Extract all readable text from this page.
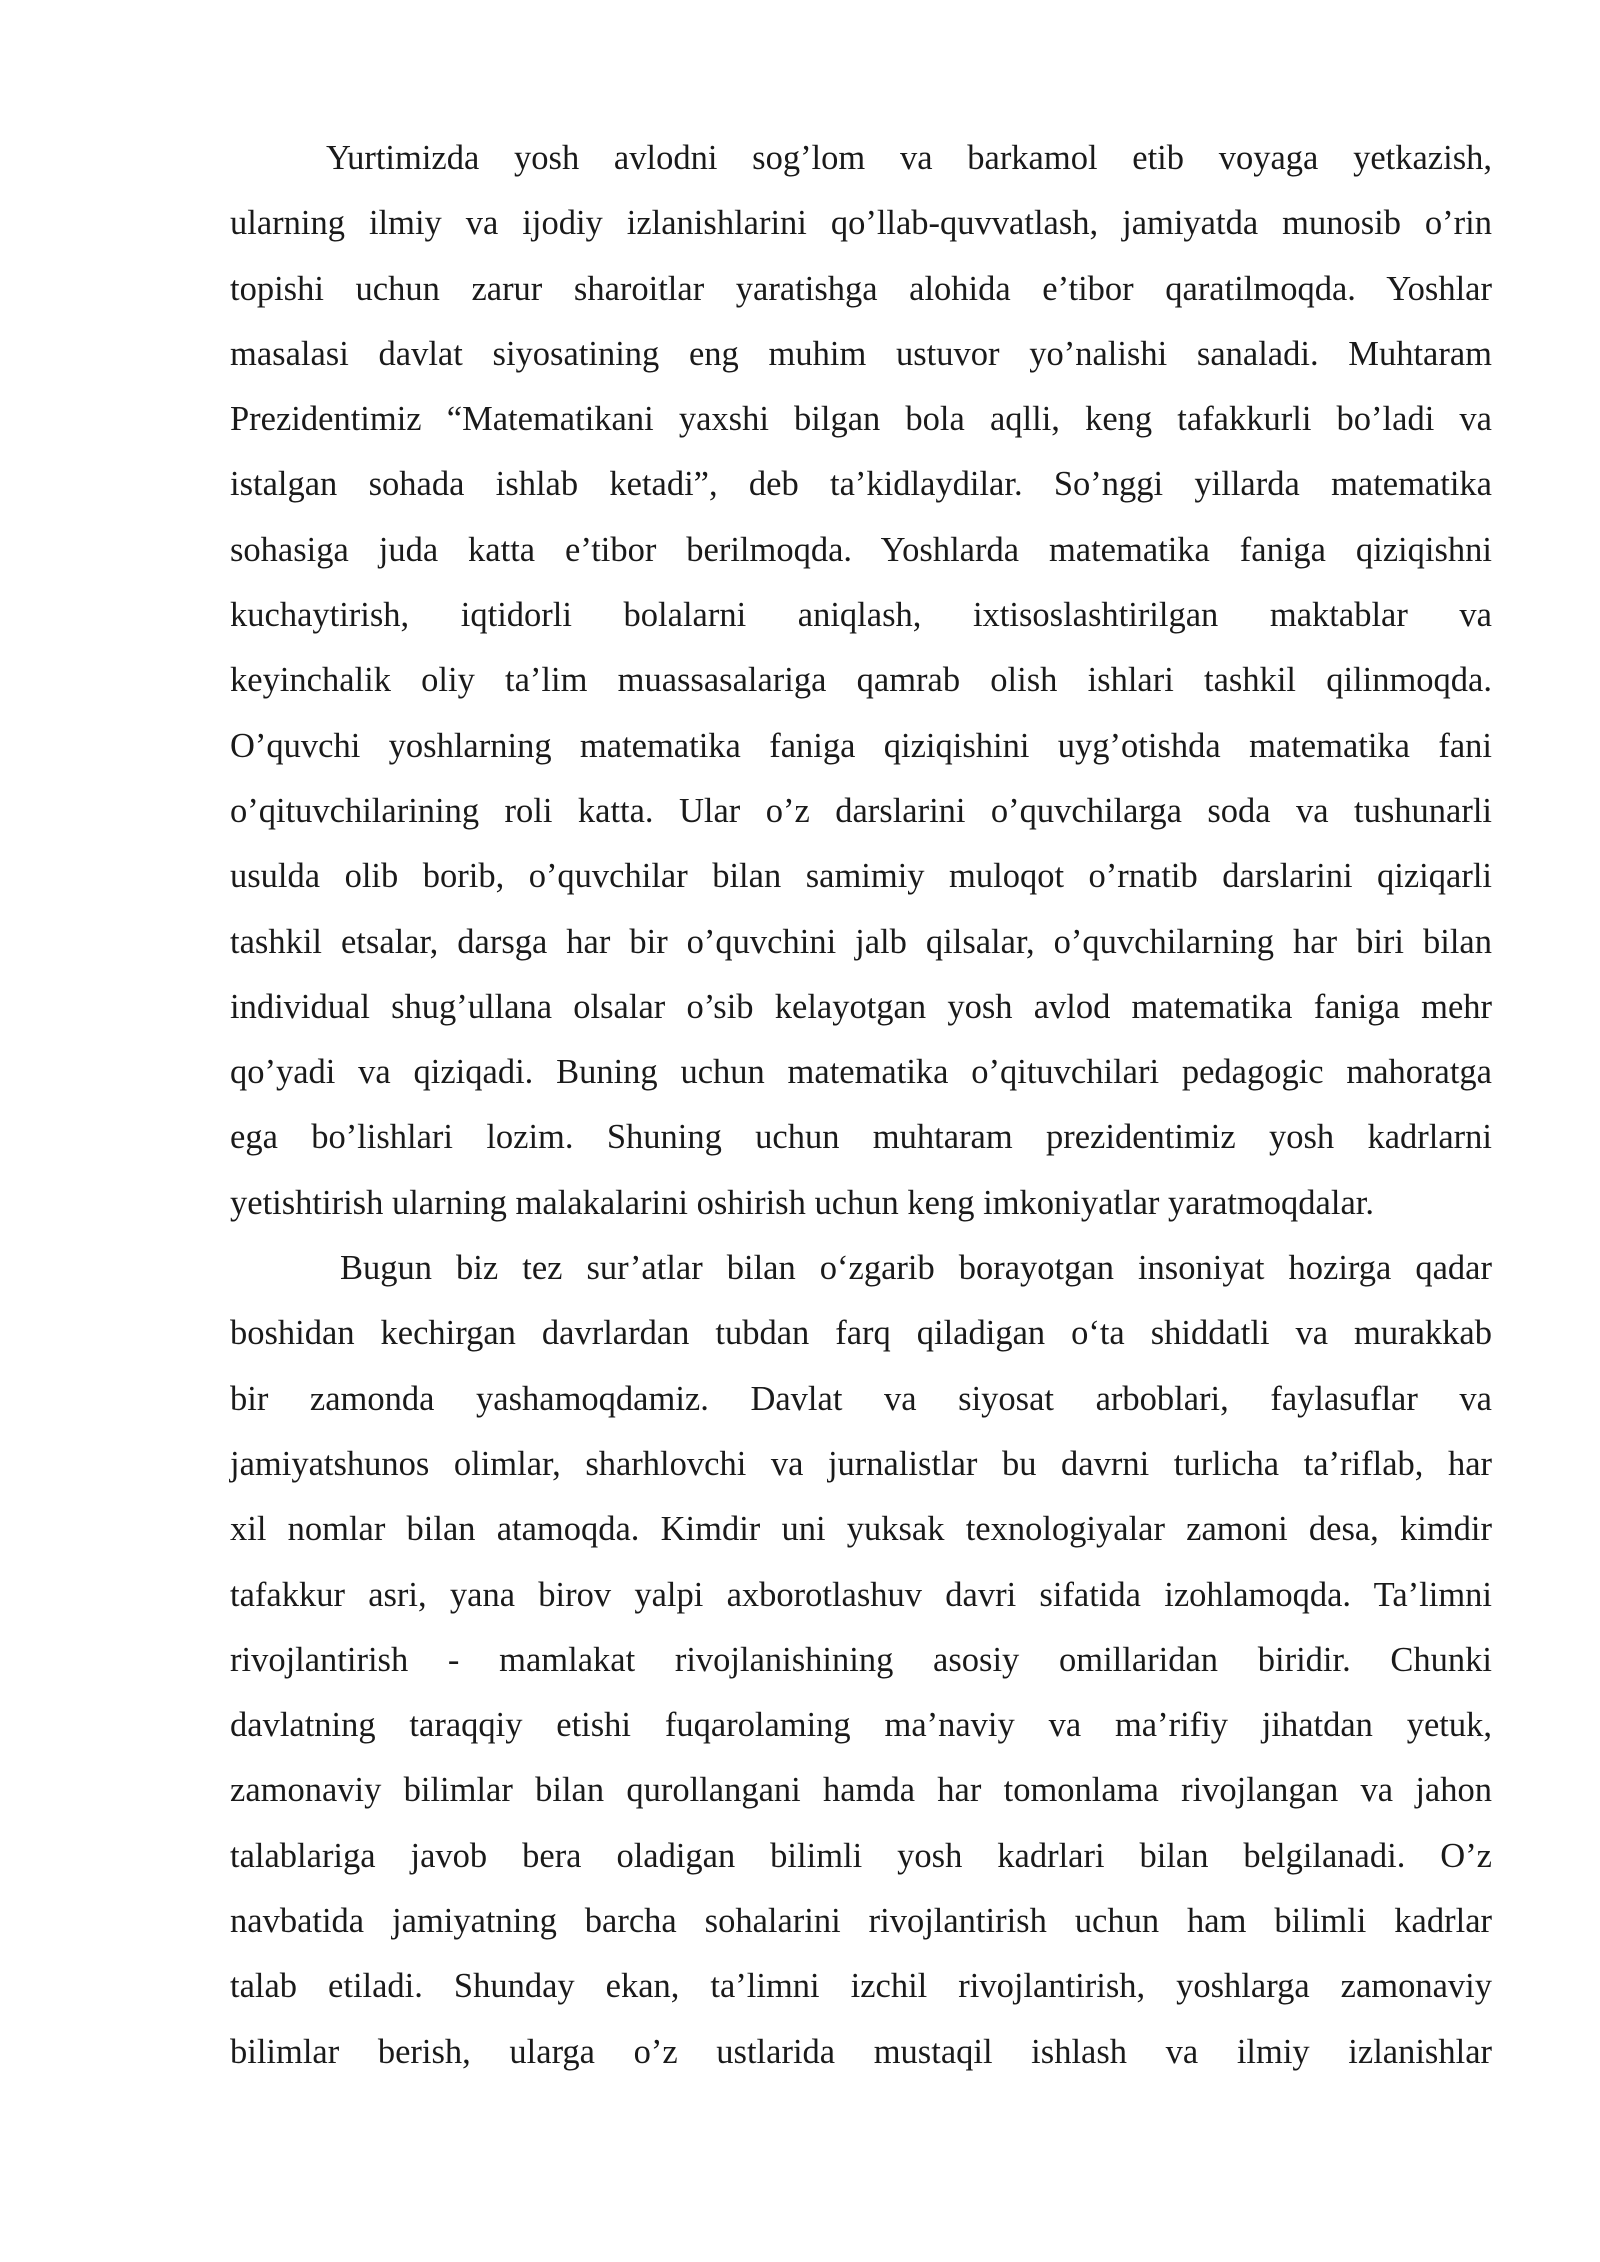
Yurtimizda yosh avlodni sog’lom va barkamol etib voyaga yetkazish,
ularning ilmiy va ijodiy izlanishlarini qo’llab-quvvatlash, jamiyatda munosib o’rin
topishi uchun zarur sharoitlar yaratishga alohida e’tibor qaratilmoqda. Yoshlar
masalasi davlat siyosatining eng muhim ustuvor yo’nalishi sanaladi. Muhtaram
Prezidentimiz “Matematikani yaxshi bilgan bola aqlli, keng tafakkurli bo’ladi va
istalgan sohada ishlab ketadi”, deb ta’kidlaydilar. So’nggi yillarda matematika
sohasiga juda katta e’tibor berilmoqda. Yoshlarda matematika faniga qiziqishni
kuchaytirish, iqtidorli bolalarni aniqlash, ixtisoslashtirilgan maktablar va
keyinchalik oliy ta’lim muassasalariga qamrab olish ishlari tashkil qilinmoqda.
O’quvchi yoshlarning matematika faniga qiziqishini uyg’otishda matematika fani
o’qituvchilarining roli katta. Ular o’z darslarini o’quvchilarga soda va tushunarli
usulda olib borib, o’quvchilar bilan samimiy muloqot o’rnatib darslarini qiziqarli
tashkil etsalar, darsga har bir o’quvchini jalb qilsalar, o’quvchilarning har biri bilan
individual shug’ullana olsalar o’sib kelayotgan yosh avlod matematika faniga mehr
qo’yadi va qiziqadi. Buning uchun matematika o’qituvchilari pedagogic mahoratga
ega bo’lishlari lozim. Shuning uchun muhtaram prezidentimiz yosh kadrlarni
yetishtirish ularning malakalarini oshirish uchun keng imkoniyatlar yaratmoqdalar.
Bugun biz tez sur’atlar bilan o‘zgarib borayotgan insoniyat hozirga qadar
boshidan kechirgan davrlardan tubdan farq qiladigan o‘ta shiddatli va murakkab
bir zamonda yashamoqdamiz. Davlat va siyosat arboblari, faylasuflar va
jamiyatshunos olimlar, sharhlovchi va jurnalistlar bu davrni turlicha ta’riflab, har
xil nomlar bilan atamoqda. Kimdir uni yuksak texnologiyalar zamoni desa, kimdir
tafakkur asri, yana birov yalpi axborotlashuv davri sifatida izohlamoqda. Ta’limni
rivojlantirish - mamlakat rivojlanishining asosiy omillaridan biridir. Chunki
davlatning taraqqiy etishi fuqarolaming ma’naviy va ma’rifiy jihatdan yetuk,
zamonaviy bilimlar bilan qurollangani hamda har tomonlama rivojlangan va jahon
talablariga javob bera oladigan bilimli yosh kadrlari bilan belgilanadi. O’z
navbatida jamiyatning barcha sohalarini rivojlantirish uchun ham bilimli kadrlar
talab etiladi. Shunday ekan, ta’limni izchil rivojlantirish, yoshlarga zamonaviy
bilimlar berish, ularga o’z ustlarida mustaqil ishlash va ilmiy izlanishlar
